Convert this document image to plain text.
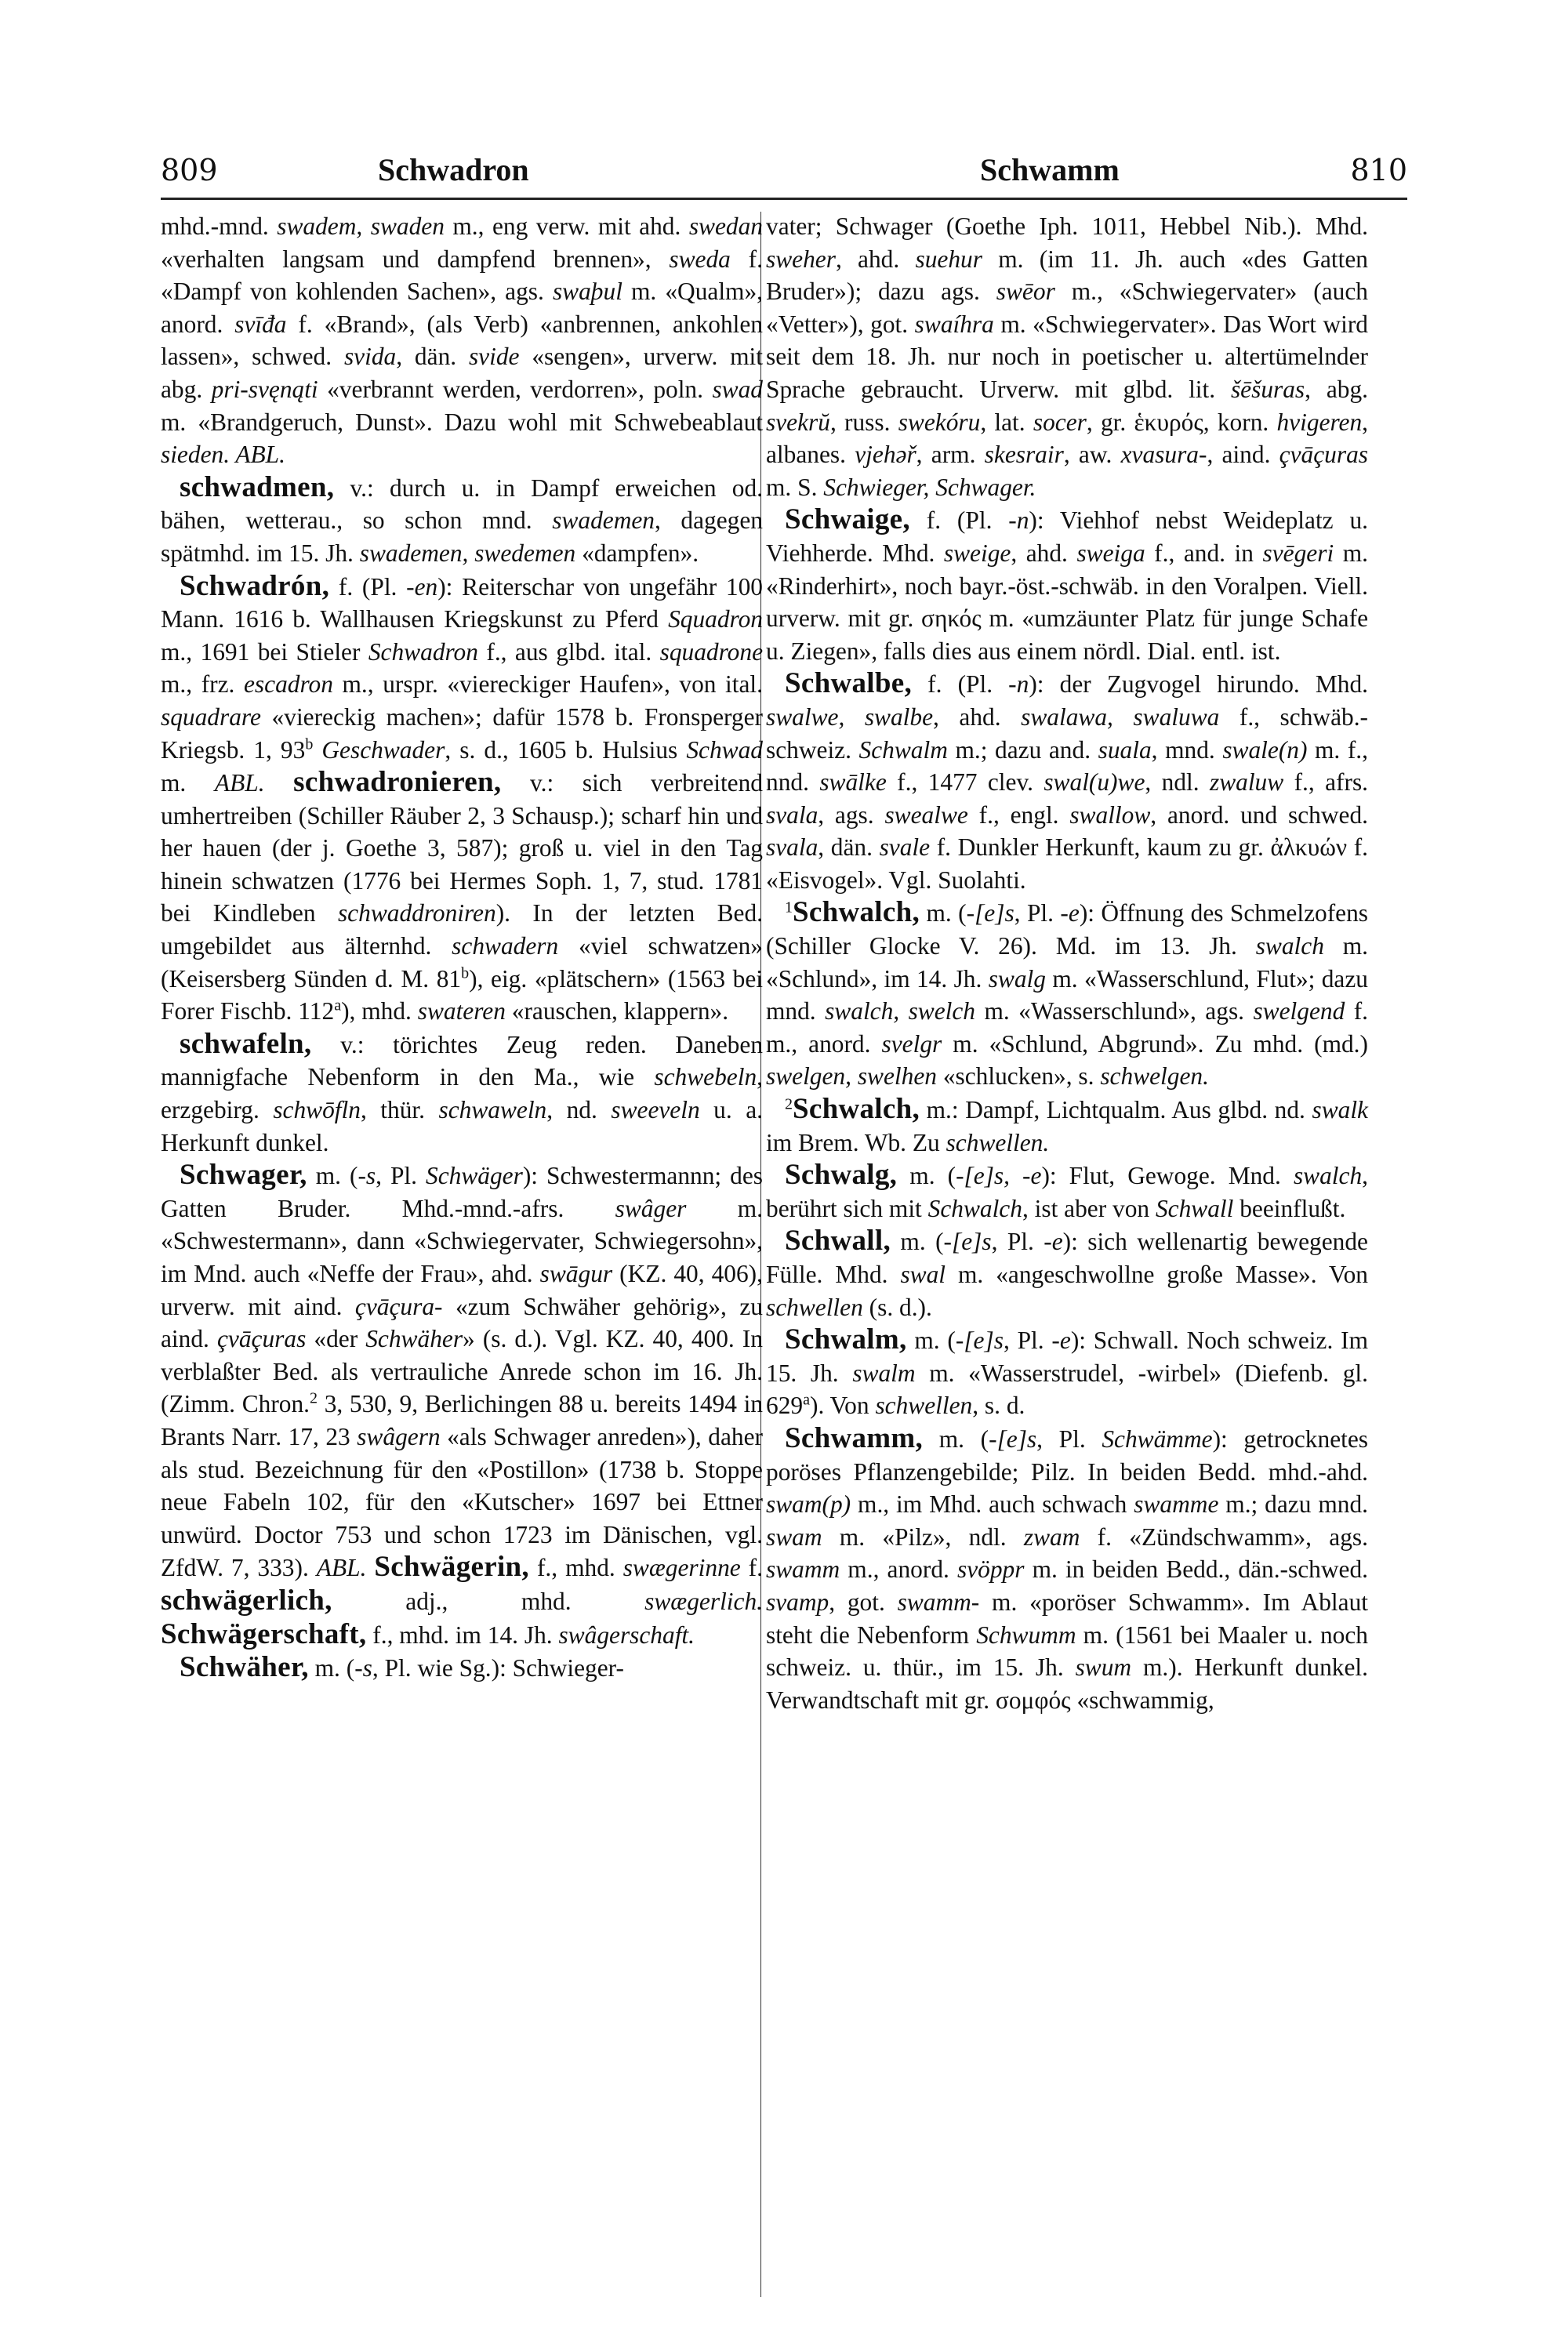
809	Schwadron	Schwamm	810

mhd.-mnd. swadem, swaden m., eng verw. mit ahd. swedan «verhalten langsam und dampfend brennen», sweda f. «Dampf von kohlenden Sachen», ags. swaþul m. «Qualm», anord. svīđa f. «Brand», (als Verb) «anbrennen, ankohlen lassen», schwed. svida, dän. svide «sengen», urverw. mit abg. pri-svęnąti «verbrannt werden, verdorren», poln. swad m. «Brandgeruch, Dunst». Dazu wohl mit Schwebeablaut sieden. ABL.

schwadmen, v.: durch u. in Dampf erweichen od. bähen, wetterau., so schon mnd. swademen, dagegen spätmhd. im 15. Jh. swademen, swedemen «dampfen».

Schwadrón, f. (Pl. -en): Reiterschar von ungefähr 100 Mann. 1616 b. Wallhausen Kriegskunst zu Pferd Squadron m., 1691 bei Stieler Schwadron f., aus glbd. ital. squadrone m., frz. escadron m., urspr. «viereckiger Haufen», von ital. squadrare «viereckig machen»; dafür 1578 b. Fronsperger Kriegsb. 1, 93$^b$ Geschwader, s. d., 1605 b. Hulsius Schwad m. ABL. schwadronieren, v.: sich verbreitend umhertreiben (Schiller Räuber 2, 3 Schausp.); scharf hin und her hauen (der j. Goethe 3, 587); groß u. viel in den Tag hinein schwatzen (1776 bei Hermes Soph. 1, 7, stud. 1781 bei Kindleben schwaddroniren). In der letzten Bed. umgebildet aus älternhd. schwadern «viel schwatzen» (Keisersberg Sünden d. M. 81$^b$), eig. «plätschern» (1563 bei Forer Fischb. 112$^a$), mhd. swateren «rauschen, klappern».

schwafeln, v.: törichtes Zeug reden. Daneben mannigfache Nebenform in den Ma., wie schwebeln, erzgebirg. schwōfln, thür. schwaweln, nd. sweeveln u. a. Herkunft dunkel.

Schwager, m. (-s, Pl. Schwäger): Schwestermannn; des Gatten Bruder. Mhd.-mnd.-afrs. swâger m. «Schwestermann», dann «Schwiegervater, Schwiegersohn», im Mnd. auch «Neffe der Frau», ahd. swāgur (KZ. 40, 406), urverw. mit aind. çvāçura- «zum Schwäher gehörig», zu aind. çvāçuras «der Schwäher» (s. d.). Vgl. KZ. 40, 400. In verblaßter Bed. als vertrauliche Anrede schon im 16. Jh. (Zimm. Chron.$^2$ 3, 530, 9, Berlichingen 88 u. bereits 1494 in Brants Narr. 17, 23 swâgern «als Schwager anreden»), daher als stud. Bezeichnung für den «Postillon» (1738 b. Stoppe neue Fabeln 102, für den «Kutscher» 1697 bei Ettner unwürd. Doctor 753 und schon 1723 im Dänischen, vgl. ZfdW. 7, 333). ABL. Schwägerin, f., mhd. swægerinne f. schwägerlich, adj., mhd. swægerlich. Schwägerschaft, f., mhd. im 14. Jh. swâgerschaft.

Schwäher, m. (-s, Pl. wie Sg.): Schwieger-

vater; Schwager (Goethe Iph. 1011, Hebbel Nib.). Mhd. sweher, ahd. suehur m. (im 11. Jh. auch «des Gatten Bruder»); dazu ags. swēor m., «Schwiegervater» (auch «Vetter»), got. swaíhra m. «Schwiegervater». Das Wort wird seit dem 18. Jh. nur noch in poetischer u. altertümelnder Sprache gebraucht. Urverw. mit glbd. lit. šēšuras, abg. svekrŭ, russ. swekóru, lat. socer, gr. ἑκυρός, korn. hvigeren, albanes. vjehəř, arm. skesrair, aw. xvasura-, aind. çvāçuras m. S. Schwieger, Schwager.

Schwaige, f. (Pl. -n): Viehhof nebst Weideplatz u. Viehherde. Mhd. sweige, ahd. sweiga f., and. in svēgeri m. «Rinderhirt», noch bayr.-öst.-schwäb. in den Voralpen. Viell. urverw. mit gr. σηκός m. «umzäunter Platz für junge Schafe u. Ziegen», falls dies aus einem nördl. Dial. entl. ist.

Schwalbe, f. (Pl. -n): der Zugvogel hirundo. Mhd. swalwe, swalbe, ahd. swalawa, swaluwa f., schwäb.-schweiz. Schwalm m.; dazu and. suala, mnd. swale(n) m. f., nnd. swālke f., 1477 clev. swal(u)we, ndl. zwaluw f., afrs. svala, ags. swealwe f., engl. swallow, anord. und schwed. svala, dän. svale f. Dunkler Herkunft, kaum zu gr. ἀλκυών f. «Eisvogel». Vgl. Suolahti.

$^1$Schwalch, m. (-[e]s, Pl. -e): Öffnung des Schmelzofens (Schiller Glocke V. 26). Md. im 13. Jh. swalch m. «Schlund», im 14. Jh. swalg m. «Wasserschlund, Flut»; dazu mnd. swalch, swelch m. «Wasserschlund», ags. swelgend f. m., anord. svelgr m. «Schlund, Abgrund». Zu mhd. (md.) swelgen, swelhen «schlucken», s. schwelgen.

$^2$Schwalch, m.: Dampf, Lichtqualm. Aus glbd. nd. swalk im Brem. Wb. Zu schwellen.

Schwalg, m. (-[e]s, -e): Flut, Gewoge. Mnd. swalch, berührt sich mit Schwalch, ist aber von Schwall beeinflußt.

Schwall, m. (-[e]s, Pl. -e): sich wellenartig bewegende Fülle. Mhd. swal m. «angeschwollne große Masse». Von schwellen (s. d.).

Schwalm, m. (-[e]s, Pl. -e): Schwall. Noch schweiz. Im 15. Jh. swalm m. «Wasserstrudel, -wirbel» (Diefenb. gl. 629$^a$). Von schwellen, s. d.

Schwamm, m. (-[e]s, Pl. Schwämme): getrocknetes poröses Pflanzengebilde; Pilz. In beiden Bedd. mhd.-ahd. swam(p) m., im Mhd. auch schwach swamme m.; dazu mnd. swam m. «Pilz», ndl. zwam f. «Zündschwamm», ags. swamm m., anord. svöppr m. in beiden Bedd., dän.-schwed. svamp, got. swamm- m. «poröser Schwamm». Im Ablaut steht die Nebenform Schwumm m. (1561 bei Maaler u. noch schweiz. u. thür., im 15. Jh. swum m.). Herkunft dunkel. Verwandtschaft mit gr. σομφός «schwammig,
